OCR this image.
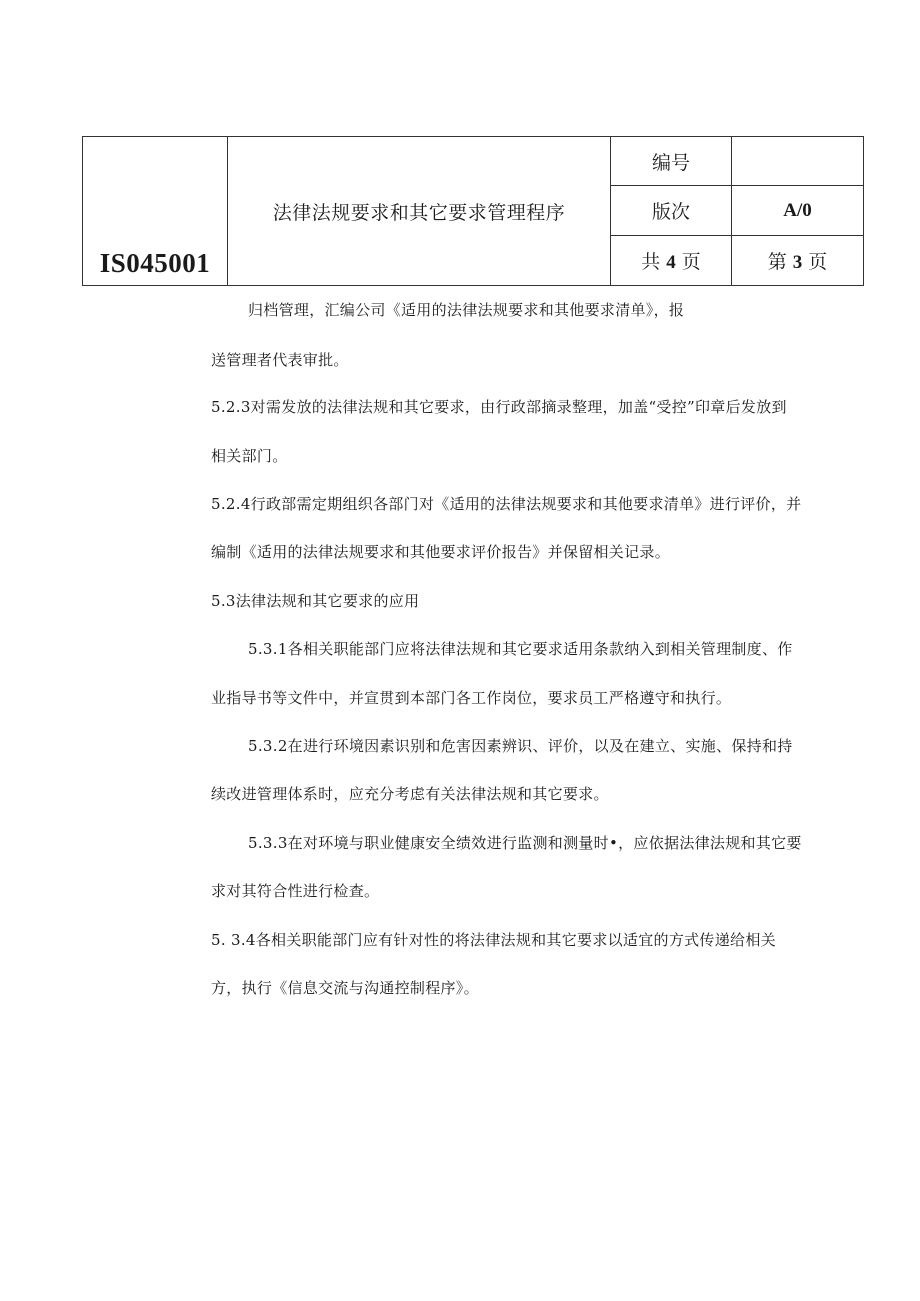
IS045001	法律法规要求和其它要求管理程序	编号	
		版次	A/0
		共 4 页	第 3 页
归档管理，汇编公司《适用的法律法规要求和其他要求清单》，报
送管理者代表审批。
5.2.3对需发放的法律法规和其它要求，由行政部摘录整理，加盖“受控”印章后发放到
相关部门。
5.2.4行政部需定期组织各部门对《适用的法律法规要求和其他要求清单》进行评价，并
编制《适用的法律法规要求和其他要求评价报告》并保留相关记录。
5.3法律法规和其它要求的应用
5.3.1各相关职能部门应将法律法规和其它要求适用条款纳入到相关管理制度、作
业指导书等文件中，并宣贯到本部门各工作岗位，要求员工严格遵守和执行。
5.3.2在进行环境因素识别和危害因素辨识、评价，以及在建立、实施、保持和持
续改进管理体系时，应充分考虑有关法律法规和其它要求。
5.3.3在对环境与职业健康安全绩效进行监测和测量时•，应依据法律法规和其它要
求对其符合性进行检查。
5. 3.4各相关职能部门应有针对性的将法律法规和其它要求以适宜的方式传递给相关
方，执行《信息交流与沟通控制程序》。
